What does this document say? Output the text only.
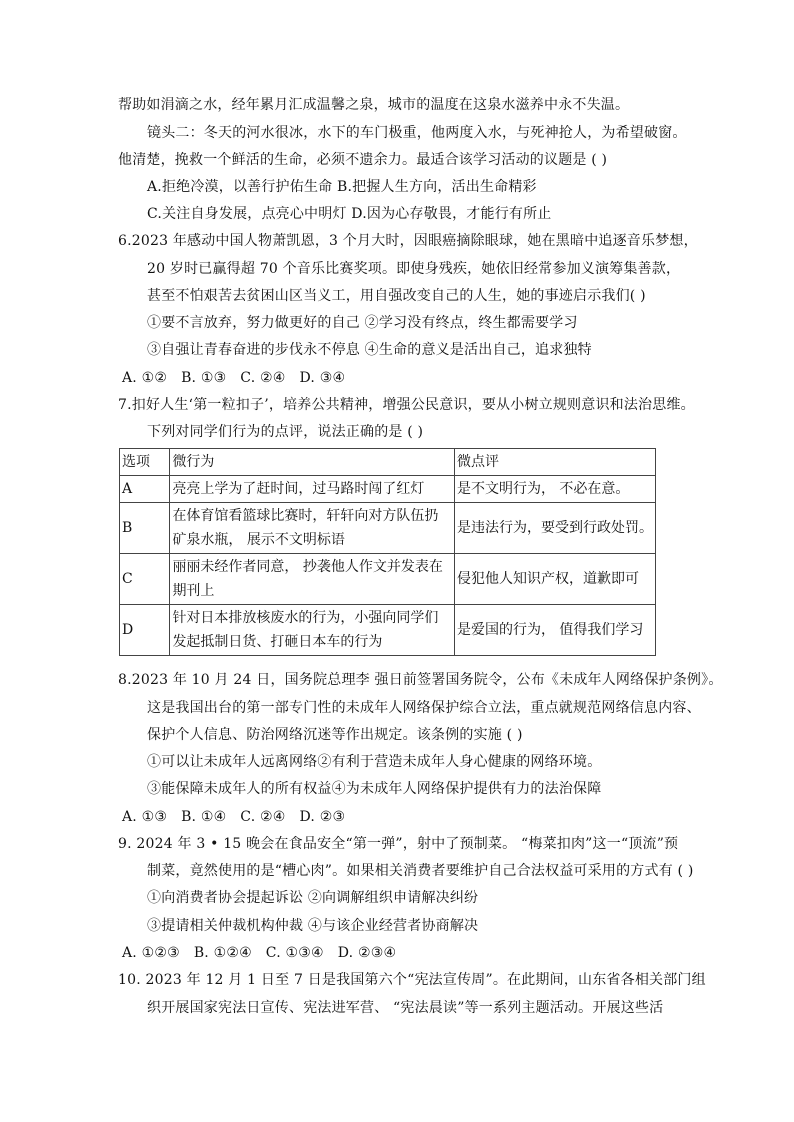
帮助如涓滴之水，经年累月汇成温馨之泉，城市的温度在这泉水滋养中永不失温。
镜头二：冬天的河水很冰，水下的车门极重，他两度入水，与死神抢人，为希望破窗。
他清楚，挽救一个鲜活的生命，必须不遗余力。最适合该学习活动的议题是 ( )
A.拒绝冷漠，以善行护佑生命 B.把握人生方向，活出生命精彩
C.关注自身发展，点亮心中明灯 D.因为心存敬畏，才能行有所止
6.2023 年感动中国人物萧凯恩，3 个月大时，因眼癌摘除眼球，她在黑暗中追逐音乐梦想，
20 岁时已赢得超 70 个音乐比赛奖项。即使身残疾，她依旧经常参加义演筹集善款，
甚至不怕艰苦去贫困山区当义工，用自强改变自己的人生，她的事迹启示我们( )
①要不言放弃，努力做更好的自己 ②学习没有终点，终生都需要学习
③自强让青春奋进的步伐永不停息 ④生命的意义是活出自己，追求独特
A. ①②   B. ①③   C. ②④   D. ③④
7.扣好人生‘第一粒扣子’，培养公共精神，增强公民意识，要从小树立规则意识和法治思维。
下列对同学们行为的点评，说法正确的是 ( )
选项	微行为	微点评
A	亮亮上学为了赶时间，过马路时闯了红灯	是不文明行为， 不必在意。
B	在体育馆看篮球比赛时，轩轩向对方队伍扔矿泉水瓶， 展示不文明标语	是违法行为，要受到行政处罚。
C	丽丽未经作者同意， 抄袭他人作文并发表在期刊上	侵犯他人知识产权，道歉即可
D	针对日本排放核废水的行为，小强向同学们发起抵制日货、打砸日本车的行为	是爱国的行为， 值得我们学习
8.2023 年 10 月 24 日，国务院总理李 强日前签署国务院令，公布《未成年人网络保护条例》。
这是我国出台的第一部专门性的未成年人网络保护综合立法，重点就规范网络信息内容、
保护个人信息、防治网络沉迷等作出规定。该条例的实施 ( )
①可以让未成年人远离网络②有利于营造未成年人身心健康的网络环境。
③能保障未成年人的所有权益④为未成年人网络保护提供有力的法治保障
A. ①③   B. ①④   C. ②④   D. ②③
9. 2024 年 3 • 15 晚会在食品安全“第一弹”，射中了预制菜。 “梅菜扣肉”这一“顶流”预
制菜，竟然使用的是“槽心肉”。如果相关消费者要维护自己合法权益可采用的方式有 ( )
①向消费者协会提起诉讼 ②向调解组织申请解决纠纷
③提请相关仲裁机构仲裁 ④与该企业经营者协商解决
A. ①②③   B. ①②④   C. ①③④   D. ②③④
10. 2023 年 12 月 1 日至 7 日是我国第六个“宪法宣传周”。在此期间，山东省各相关部门组
织开展国家宪法日宣传、宪法进军营、 “宪法晨读”等一系列主题活动。开展这些活
